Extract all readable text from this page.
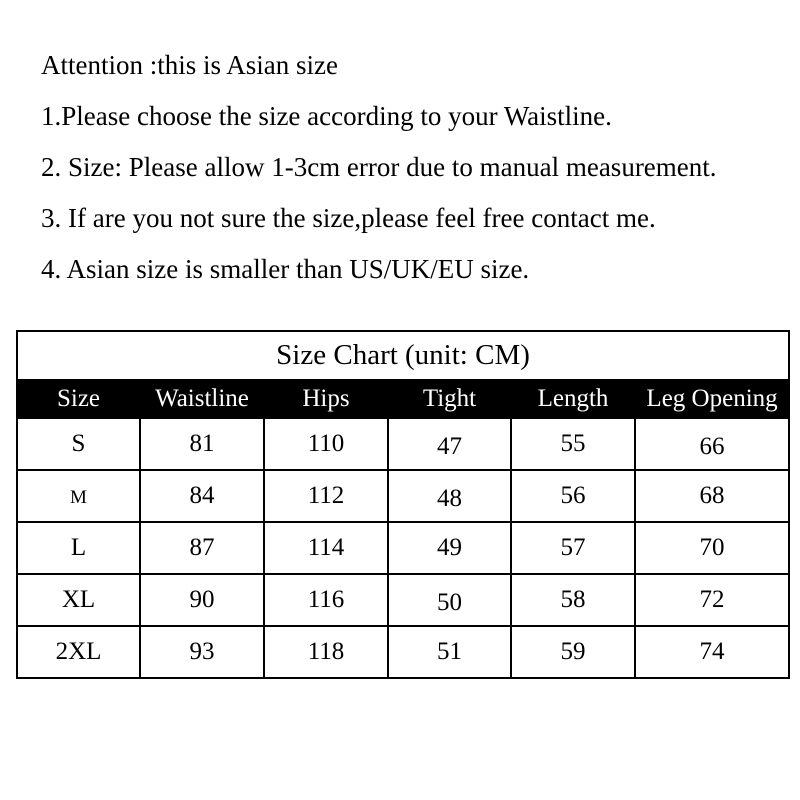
Attention :this is Asian size
1.Please choose the size according to your Waistline.
2. Size: Please allow 1-3cm error due to manual measurement.
3. If are you not sure the size,please feel free contact me.
4. Asian size is smaller than US/UK/EU size.
Size Chart (unit: CM)					
Size	Waistline	Hips	Tight	Length	Leg Opening
S	81	110	47	55	66
M	84	112	48	56	68
L	87	114	49	57	70
XL	90	116	50	58	72
2XL	93	118	51	59	74
